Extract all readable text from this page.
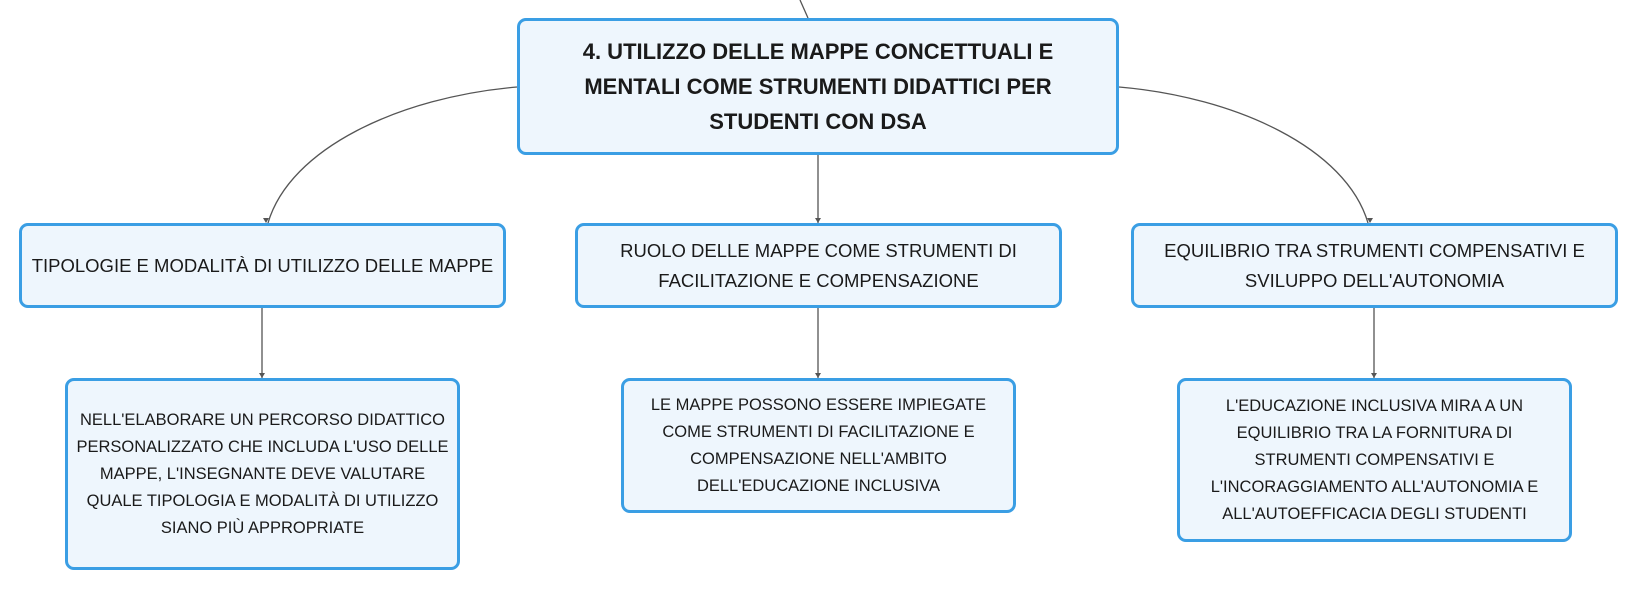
4. UTILIZZO DELLE MAPPE CONCETTUALI E
MENTALI COME STRUMENTI DIDATTICI PER
STUDENTI CON DSA
TIPOLOGIE E MODALITÀ DI UTILIZZO DELLE MAPPE
RUOLO DELLE MAPPE COME STRUMENTI DI
FACILITAZIONE E COMPENSAZIONE
EQUILIBRIO TRA STRUMENTI COMPENSATIVI E
SVILUPPO DELL'AUTONOMIA
NELL'ELABORARE UN PERCORSO DIDATTICO
PERSONALIZZATO CHE INCLUDA L'USO DELLE
MAPPE, L'INSEGNANTE DEVE VALUTARE
QUALE TIPOLOGIA E MODALITÀ DI UTILIZZO
SIANO PIÙ APPROPRIATE
LE MAPPE POSSONO ESSERE IMPIEGATE
COME STRUMENTI DI FACILITAZIONE E
COMPENSAZIONE NELL'AMBITO
DELL'EDUCAZIONE INCLUSIVA
L'EDUCAZIONE INCLUSIVA MIRA A UN
EQUILIBRIO TRA LA FORNITURA DI
STRUMENTI COMPENSATIVI E
L'INCORAGGIAMENTO ALL'AUTONOMIA E
ALL'AUTOEFFICACIA DEGLI STUDENTI
